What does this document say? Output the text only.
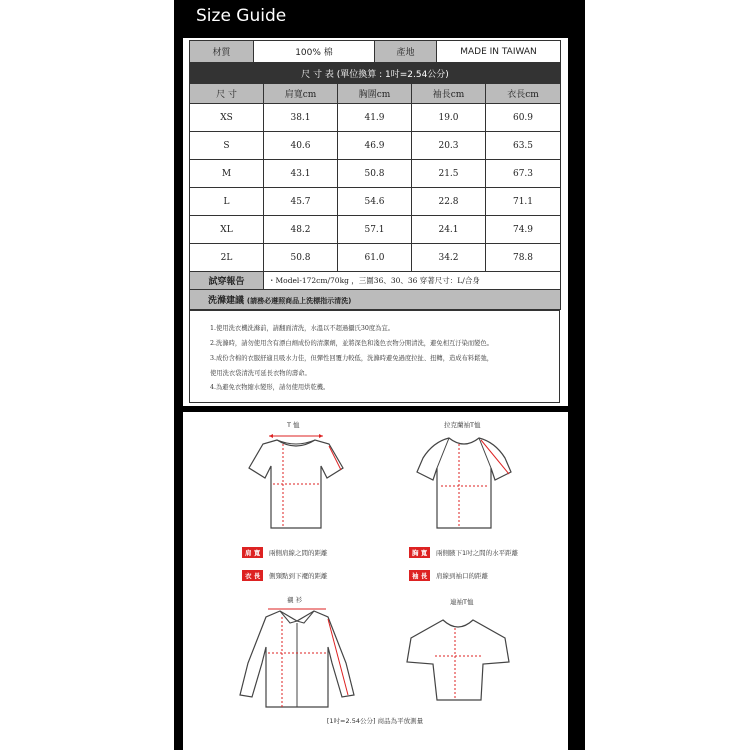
Size Guide
材質	100% 棉	產地	MADE IN TAIWAN
尺 寸 表 (單位換算 : 1吋=2.54公分)				
尺 寸	肩寬cm	胸圍cm	袖長cm	衣長cm
XS	38.1	41.9	19.0	60.9
S	40.6	46.9	20.3	63.5
M	43.1	50.8	21.5	67.3
L	45.7	54.6	22.8	71.1
XL	48.2	57.1	24.1	74.9
2L	50.8	61.0	34.2	78.8
試穿報告	・Model-172cm/70kg ，三圍36、30、36 穿著尺寸：L/合身
洗滌建議 (請務必遵照商品上洗標指示清洗)
1.使用洗衣機洗滌前，請翻面清洗，水溫以不超過攝氏30度為宜。
2.洗滌時，請勿使用含有漂白劑成份的清潔劑，並將深色和淺色衣物分開清洗，避免相互汙染而變色。
3.成份含棉的衣服舒適且吸水力佳，但彈性回覆力較低，洗滌時避免過度拉扯、扭轉，造成布料鬆弛，
使用洗衣袋清洗可延長衣物的壽命。
4.為避免衣物縮水變形，請勿使用烘乾機。
T 恤	拉克蘭袖T恤
襯 衫	連袖T恤
肩 寬	兩側肩線之間的距離	胸 寬	兩側腋下1吋之間的水平距離
衣 長	側頸點到下襬的距離	袖 長	肩線到袖口的距離
[1吋=2.54公分] 商品為平放測量
